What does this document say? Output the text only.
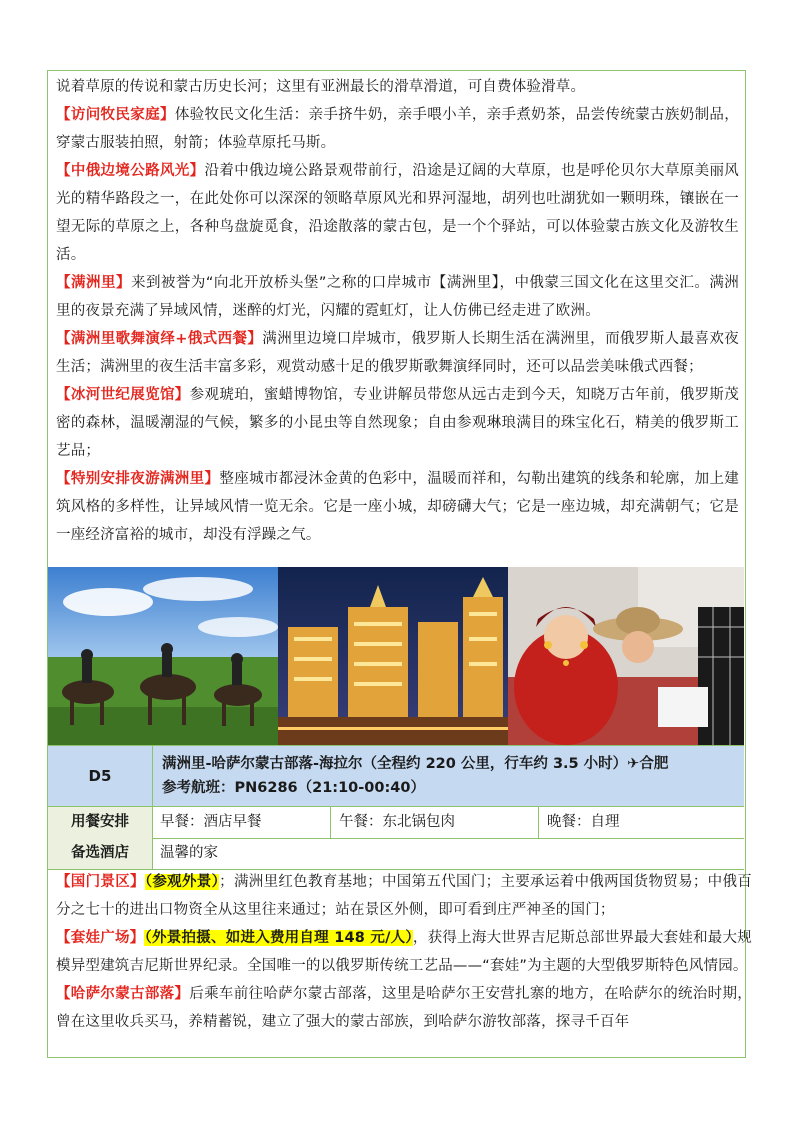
说着草原的传说和蒙古历史长河；这里有亚洲最长的滑草滑道，可自费体验滑草。

【访问牧民家庭】体验牧民文化生活：亲手挤牛奶，亲手喂小羊，亲手煮奶茶，品尝传统蒙古族奶制品，穿蒙古服装拍照，射箭；体验草原托马斯。

【中俄边境公路风光】沿着中俄边境公路景观带前行，沿途是辽阔的大草原，也是呼伦贝尔大草原美丽风光的精华路段之一，在此处你可以深深的领略草原风光和界河湿地，胡列也吐湖犹如一颗明珠，镶嵌在一望无际的草原之上，各种鸟盘旋觅食，沿途散落的蒙古包，是一个个驿站，可以体验蒙古族文化及游牧生活。

【满洲里】来到被誉为“向北开放桥头堡”之称的口岸城市【满洲里】，中俄蒙三国文化在这里交汇。满洲里的夜景充满了异域风情，迷醉的灯光，闪耀的霓虹灯，让人仿佛已经走进了欧洲。

【满洲里歌舞演绎+俄式西餐】满洲里边境口岸城市，俄罗斯人长期生活在满洲里，而俄罗斯人最喜欢夜生活；满洲里的夜生活丰富多彩，观赏动感十足的俄罗斯歌舞演绎同时，还可以品尝美味俄式西餐；

【冰河世纪展览馆】参观琥珀，蜜蜡博物馆，专业讲解员带您从远古走到今天，知晓万古年前，俄罗斯茂密的森林，温暖潮湿的气候，繁多的小昆虫等自然现象；自由参观琳琅满目的珠宝化石，精美的俄罗斯工艺品；

【特别安排夜游满洲里】整座城市都浸沐金黄的色彩中，温暖而祥和，勾勒出建筑的线条和轮廓，加上建筑风格的多样性，让异域风情一览无余。它是一座小城，却磅礴大气；它是一座边城，却充满朝气；它是一座经济富裕的城市，却没有浮躁之气。

D5
满洲里-哈萨尔蒙古部落-海拉尔（全程约 220 公里，行车约 3.5 小时）✈合肥
参考航班：PN6286（21:10-00:40）
用餐安排	早餐：酒店早餐	午餐：东北锅包肉	晚餐：自理
备选酒店	温馨的家

【国门景区】（参观外景）；满洲里红色教育基地；中国第五代国门；主要承运着中俄两国货物贸易；中俄百分之七十的进出口物资全从这里往来通过；站在景区外侧，即可看到庄严神圣的国门；

【套娃广场】（外景拍摄、如进入费用自理 148 元/人），获得上海大世界吉尼斯总部世界最大套娃和最大规模异型建筑吉尼斯世界纪录。全国唯一的以俄罗斯传统工艺品——“套娃”为主题的大型俄罗斯特色风情园。

【哈萨尔蒙古部落】后乘车前往哈萨尔蒙古部落，这里是哈萨尔王安营扎寨的地方，在哈萨尔的统治时期，曾在这里收兵买马，养精蓄锐，建立了强大的蒙古部族，到哈萨尔游牧部落，探寻千百年
